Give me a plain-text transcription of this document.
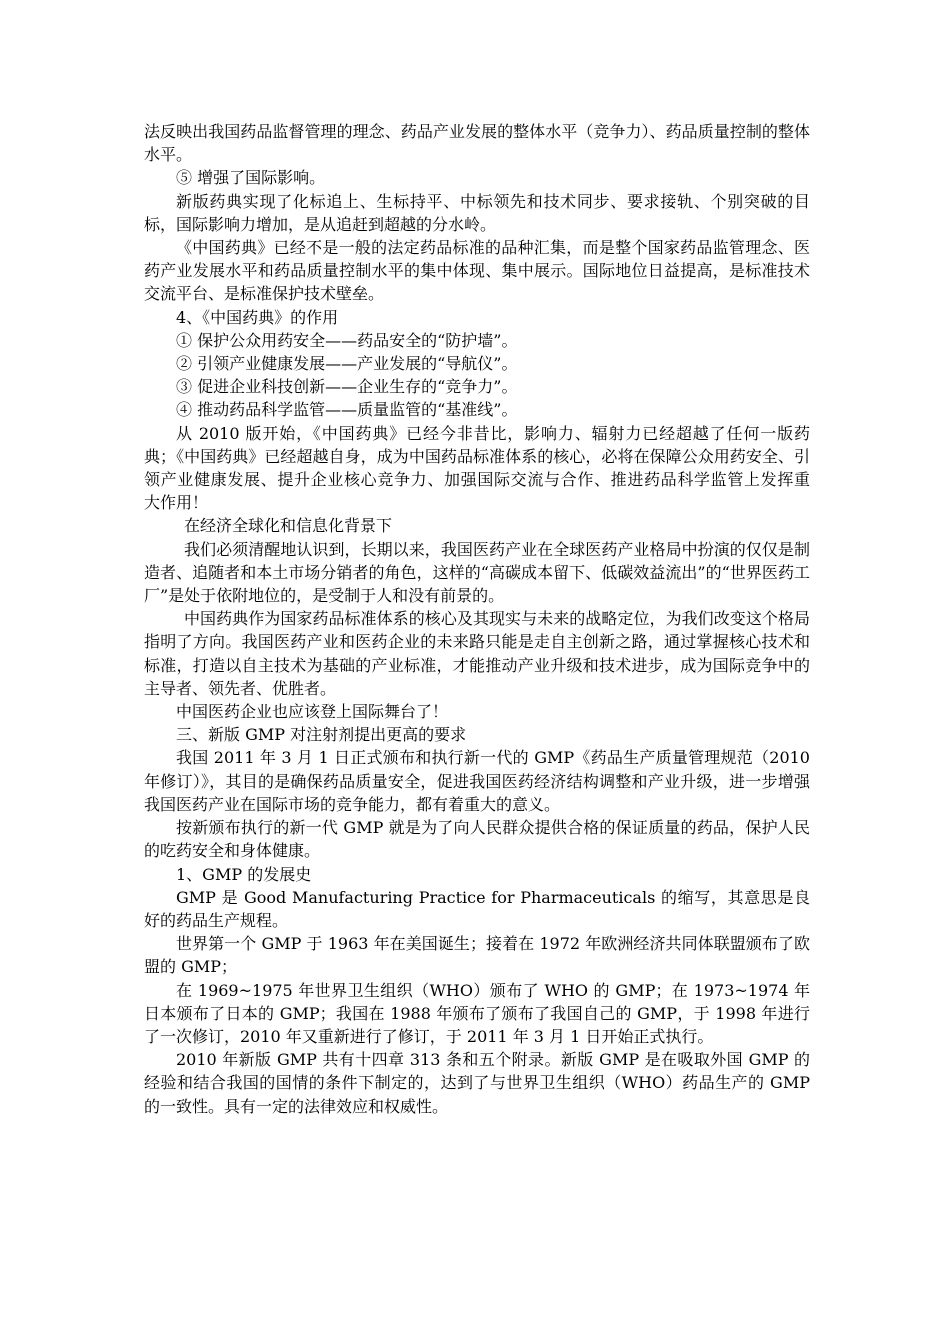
法反映出我国药品监督管理的理念、药品产业发展的整体水平（竞争力）、药品质量控制的整体水平。

⑤ 增强了国际影响。

新版药典实现了化标追上、生标持平、中标领先和技术同步、要求接轨、个别突破的目标，国际影响力增加，是从追赶到超越的分水岭。

《中国药典》已经不是一般的法定药品标准的品种汇集，而是整个国家药品监管理念、医药产业发展水平和药品质量控制水平的集中体现、集中展示。国际地位日益提高，是标准技术交流平台、是标准保护技术壁垒。

4、《中国药典》的作用

① 保护公众用药安全——药品安全的“防护墙”。

② 引领产业健康发展——产业发展的“导航仪”。

③ 促进企业科技创新——企业生存的“竞争力”。

④ 推动药品科学监管——质量监管的“基准线”。

从 2010 版开始，《中国药典》已经今非昔比，影响力、辐射力已经超越了任何一版药典；《中国药典》已经超越自身，成为中国药品标准体系的核心，必将在保障公众用药安全、引领产业健康发展、提升企业核心竞争力、加强国际交流与合作、推进药品科学监管上发挥重　 大作用！

在经济全球化和信息化背景下

我们必须清醒地认识到，长期以来，我国医药产业在全球医药产业格局中扮演的仅仅是制造者、追随者和本土市场分销者的角色，这样的“高碳成本留下、低碳效益流出”的“世界医药工厂”是处于依附地位的，是受制于人和没有前景的。

中国药典作为国家药品标准体系的核心及其现实与未来的战略定位，为我们改变这个格局指明了方向。我国医药产业和医药企业的未来路只能是走自主创新之路，通过掌握核心技术和标准，打造以自主技术为基础的产业标准，才能推动产业升级和技术进步，成为国际竞争中的主导者、领先者、优胜者。

中国医药企业也应该登上国际舞台了！

三、新版 GMP 对注射剂提出更高的要求

我国 2011 年 3 月 1 日正式颁布和执行新一代的 GMP《药品生产质量管理规范（2010 年修订）》，其目的是确保药品质量安全，促进我国医药经济结构调整和产业升级，进一步增强我国医药产业在国际市场的竞争能力，都有着重大的意义。

按新颁布执行的新一代 GMP 就是为了向人民群众提供合格的保证质量的药品，保护人民的吃药安全和身体健康。

1、GMP 的发展史

GMP 是 Good Manufacturing Practice for Pharmaceuticals 的缩写，其意思是良好的药品生产规程。

世界第一个 GMP 于 1963 年在美国诞生；接着在 1972 年欧洲经济共同体联盟颁布了欧盟的 GMP；

在 1969~1975 年世界卫生组织（WHO）颁布了 WHO 的 GMP；在 1973~1974 年日本颁布了日本的 GMP；我国在 1988 年颁布了颁布了我国自己的 GMP，于 1998 年进行了一次修订，2010 年又重新进行了修订，于 2011 年 3 月 1 日开始正式执行。

2010 年新版 GMP 共有十四章 313 条和五个附录。新版 GMP 是在吸取外国 GMP 的经验和结合我国的国情的条件下制定的，达到了与世界卫生组织（WHO）药品生产的 GMP 的一致性。具有一定的法律效应和权威性。
